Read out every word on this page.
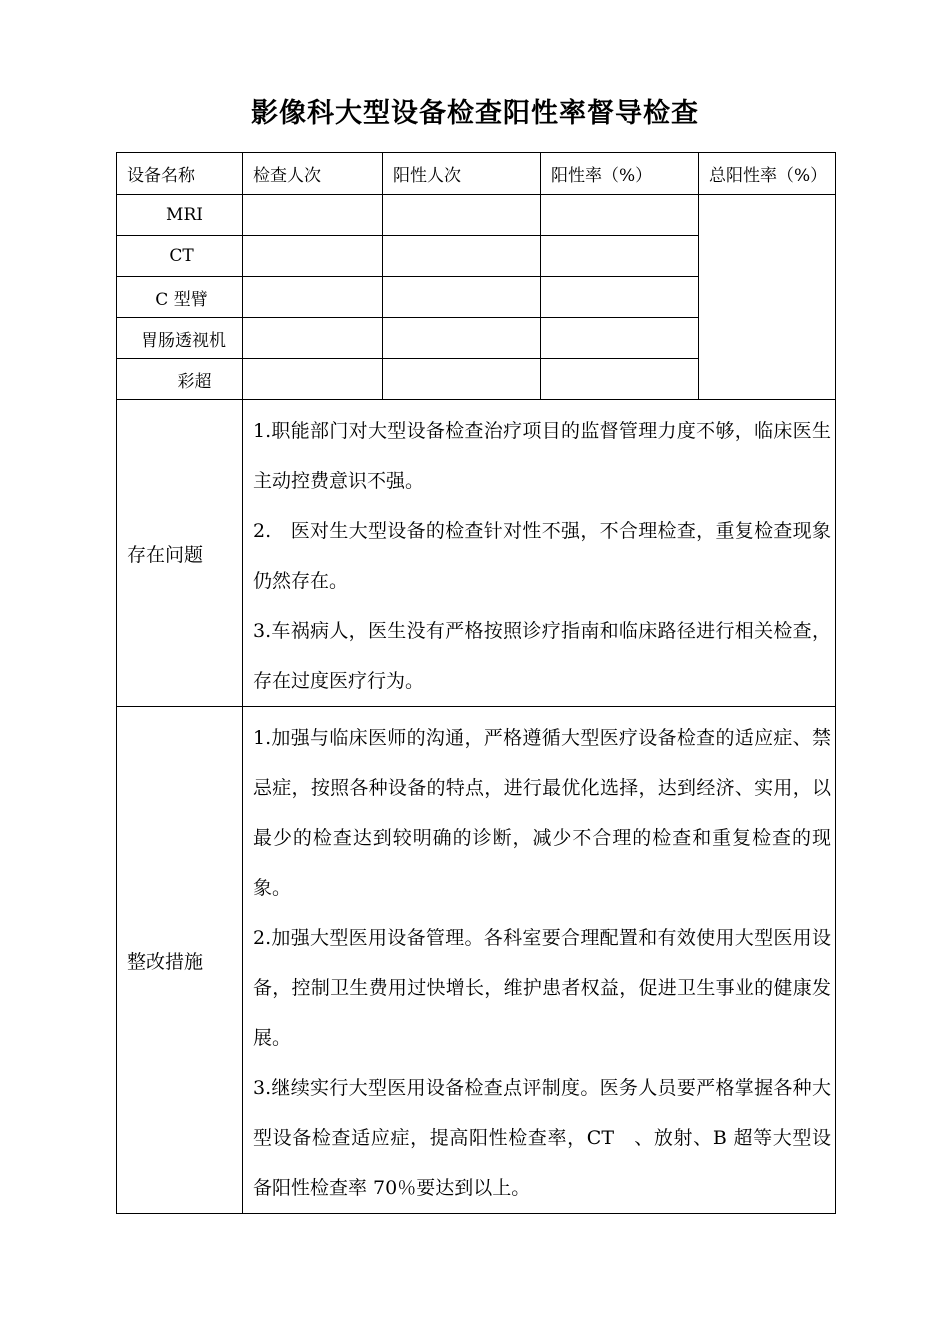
影像科大型设备检查阳性率督导检查
设备名称	检查人次	阳性人次	阳性率（%）	总阳性率（%）
MRI				
CT				
C 型臂				
胃肠透视机				
彩超				
存在问题	1.职能部门对大型设备检查治疗项目的监督管理力度不够，临床医生主动控费意识不强。
2.　医对生大型设备的检查针对性不强，不合理检查，重复检查现象仍然存在。
3.车祸病人，医生没有严格按照诊疗指南和临床路径进行相关检查，存在过度医疗行为。			

整改措施	1.加强与临床医师的沟通，严格遵循大型医疗设备检查的适应症、禁忌症，按照各种设备的特点，进行最优化选择，达到经济、实用，以最少的检查达到较明确的诊断，减少不合理的检查和重复检查的现象。
2.加强大型医用设备管理。各科室要合理配置和有效使用大型医用设备，控制卫生费用过快增长，维护患者权益，促进卫生事业的健康发展。
3.继续实行大型医用设备检查点评制度。医务人员要严格掌握各种大型设备检查适应症，提高阳性检查率，CT　、放射、B 超等大型设备阳性检查率 70％要达到以上。			
